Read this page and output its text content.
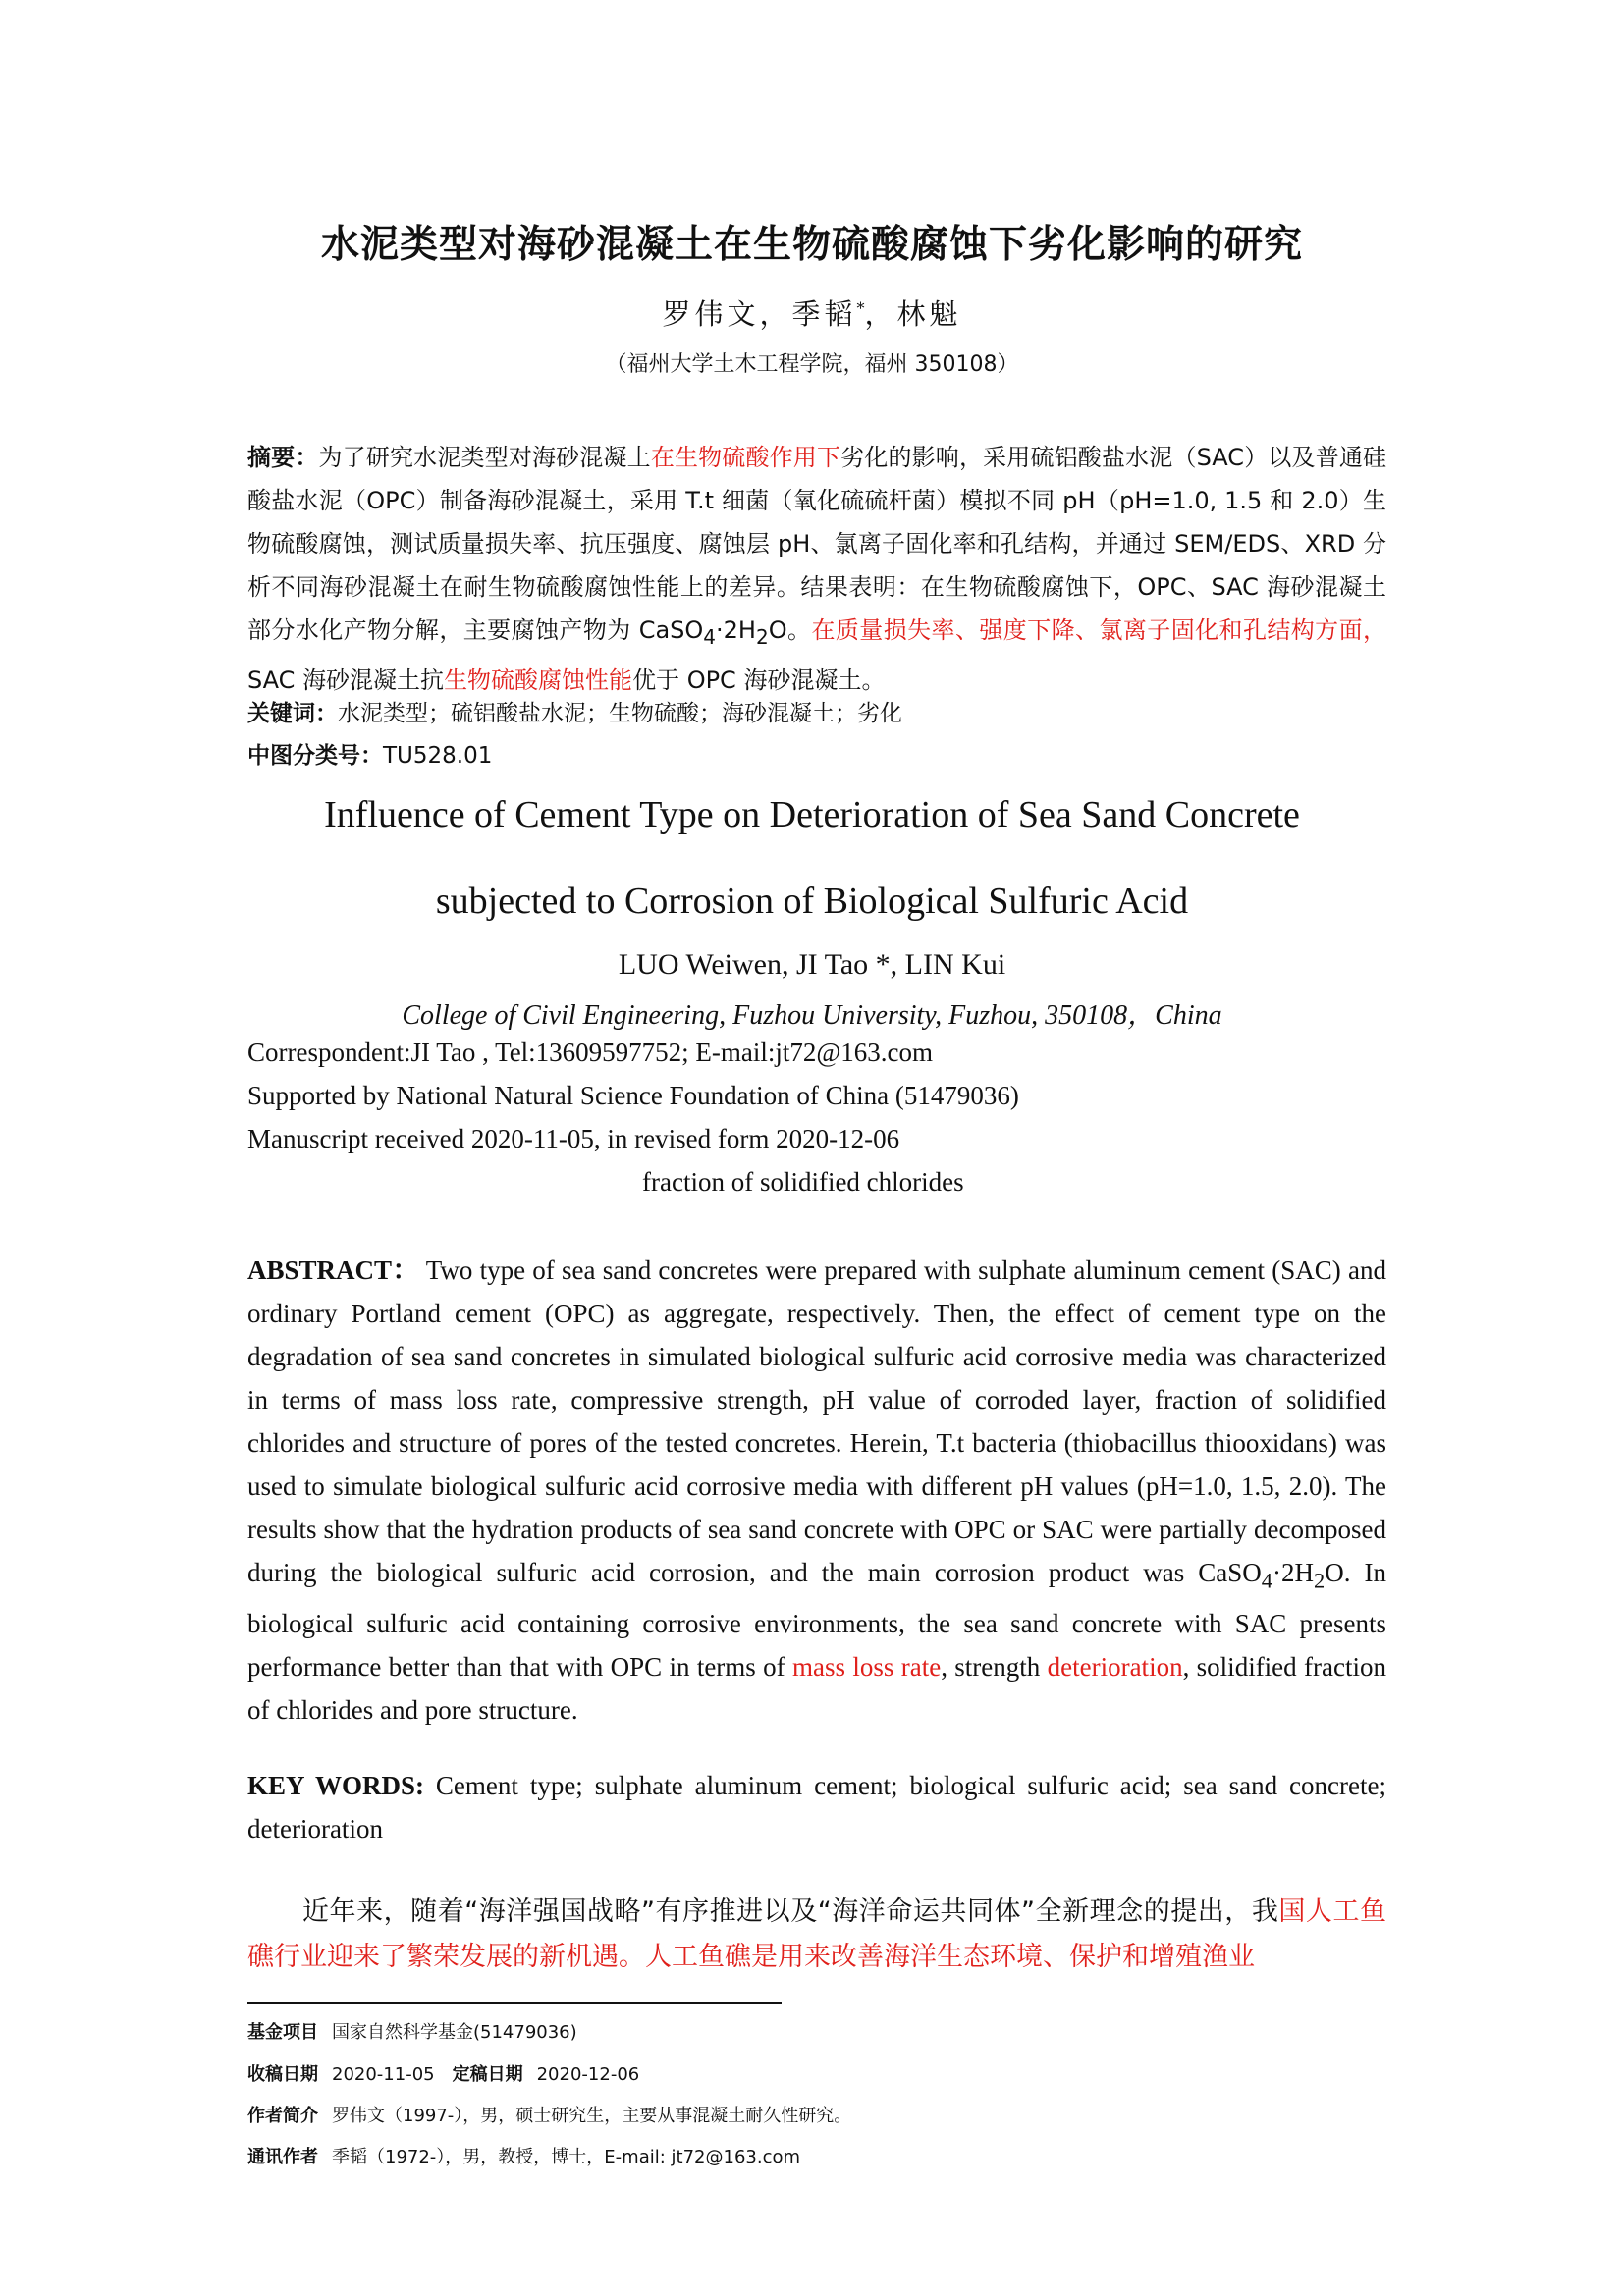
水泥类型对海砂混凝土在生物硫酸腐蚀下劣化影响的研究
罗伟文，季韬*，林魁
（福州大学土木工程学院，福州 350108）
摘要：为了研究水泥类型对海砂混凝土在生物硫酸作用下劣化的影响，采用硫铝酸盐水泥（SAC）以及普通硅酸盐水泥（OPC）制备海砂混凝土，采用 T.t 细菌（氧化硫硫杆菌）模拟不同 pH（pH=1.0, 1.5 和 2.0）生物硫酸腐蚀，测试质量损失率、抗压强度、腐蚀层 pH、氯离子固化率和孔结构，并通过 SEM/EDS、XRD 分析不同海砂混凝土在耐生物硫酸腐蚀性能上的差异。结果表明：在生物硫酸腐蚀下，OPC、SAC 海砂混凝土部分水化产物分解，主要腐蚀产物为 $CaSO_4\cdot 2H_2O$。在质量损失率、强度下降、氯离子固化和孔结构方面，SAC 海砂混凝土抗生物硫酸腐蚀性能优于 OPC 海砂混凝土。
关键词：水泥类型；硫铝酸盐水泥；生物硫酸；海砂混凝土；劣化
中图分类号：TU528.01
Influence of Cement Type on Deterioration of Sea Sand Concrete
subjected to Corrosion of Biological Sulfuric Acid
LUO Weiwen, JI Tao *, LIN Kui
College of Civil Engineering, Fuzhou University, Fuzhou, 350108，China
Correspondent:JI Tao , Tel:13609597752; E-mail:jt72@163.com
Supported by National Natural Science Foundation of China (51479036)
Manuscript received 2020-11-05, in revised form 2020-12-06
fraction of solidified chlorides
ABSTRACT： Two type of sea sand concretes were prepared with sulphate aluminum cement (SAC) and ordinary Portland cement (OPC) as aggregate, respectively. Then, the effect of cement type on the degradation of sea sand concretes in simulated biological sulfuric acid corrosive media was characterized in terms of mass loss rate, compressive strength, pH value of corroded layer, fraction of solidified chlorides and structure of pores of the tested concretes. Herein, T.t bacteria (thiobacillus thiooxidans) was used to simulate biological sulfuric acid corrosive media with different pH values (pH=1.0, 1.5, 2.0). The results show that the hydration products of sea sand concrete with OPC or SAC were partially decomposed during the biological sulfuric acid corrosion, and the main corrosion product was $CaSO_4\cdot 2H_2O$. In biological sulfuric acid containing corrosive environments, the sea sand concrete with SAC presents performance better than that with OPC in terms of mass loss rate, strength deterioration, solidified fraction of chlorides and pore structure.
KEY WORDS: Cement type; sulphate aluminum cement; biological sulfuric acid; sea sand concrete; deterioration
近年来，随着“海洋强国战略”有序推进以及“海洋命运共同体”全新理念的提出，我国人工鱼礁行业迎来了繁荣发展的新机遇。人工鱼礁是用来改善海洋生态环境、保护和增殖渔业
基金项目 国家自然科学基金(51479036)
收稿日期 2020-11-05 定稿日期 2020-12-06
作者简介 罗伟文（1997-），男，硕士研究生，主要从事混凝土耐久性研究。
通讯作者 季韬（1972-），男，教授，博士，E-mail: jt72@163.com
